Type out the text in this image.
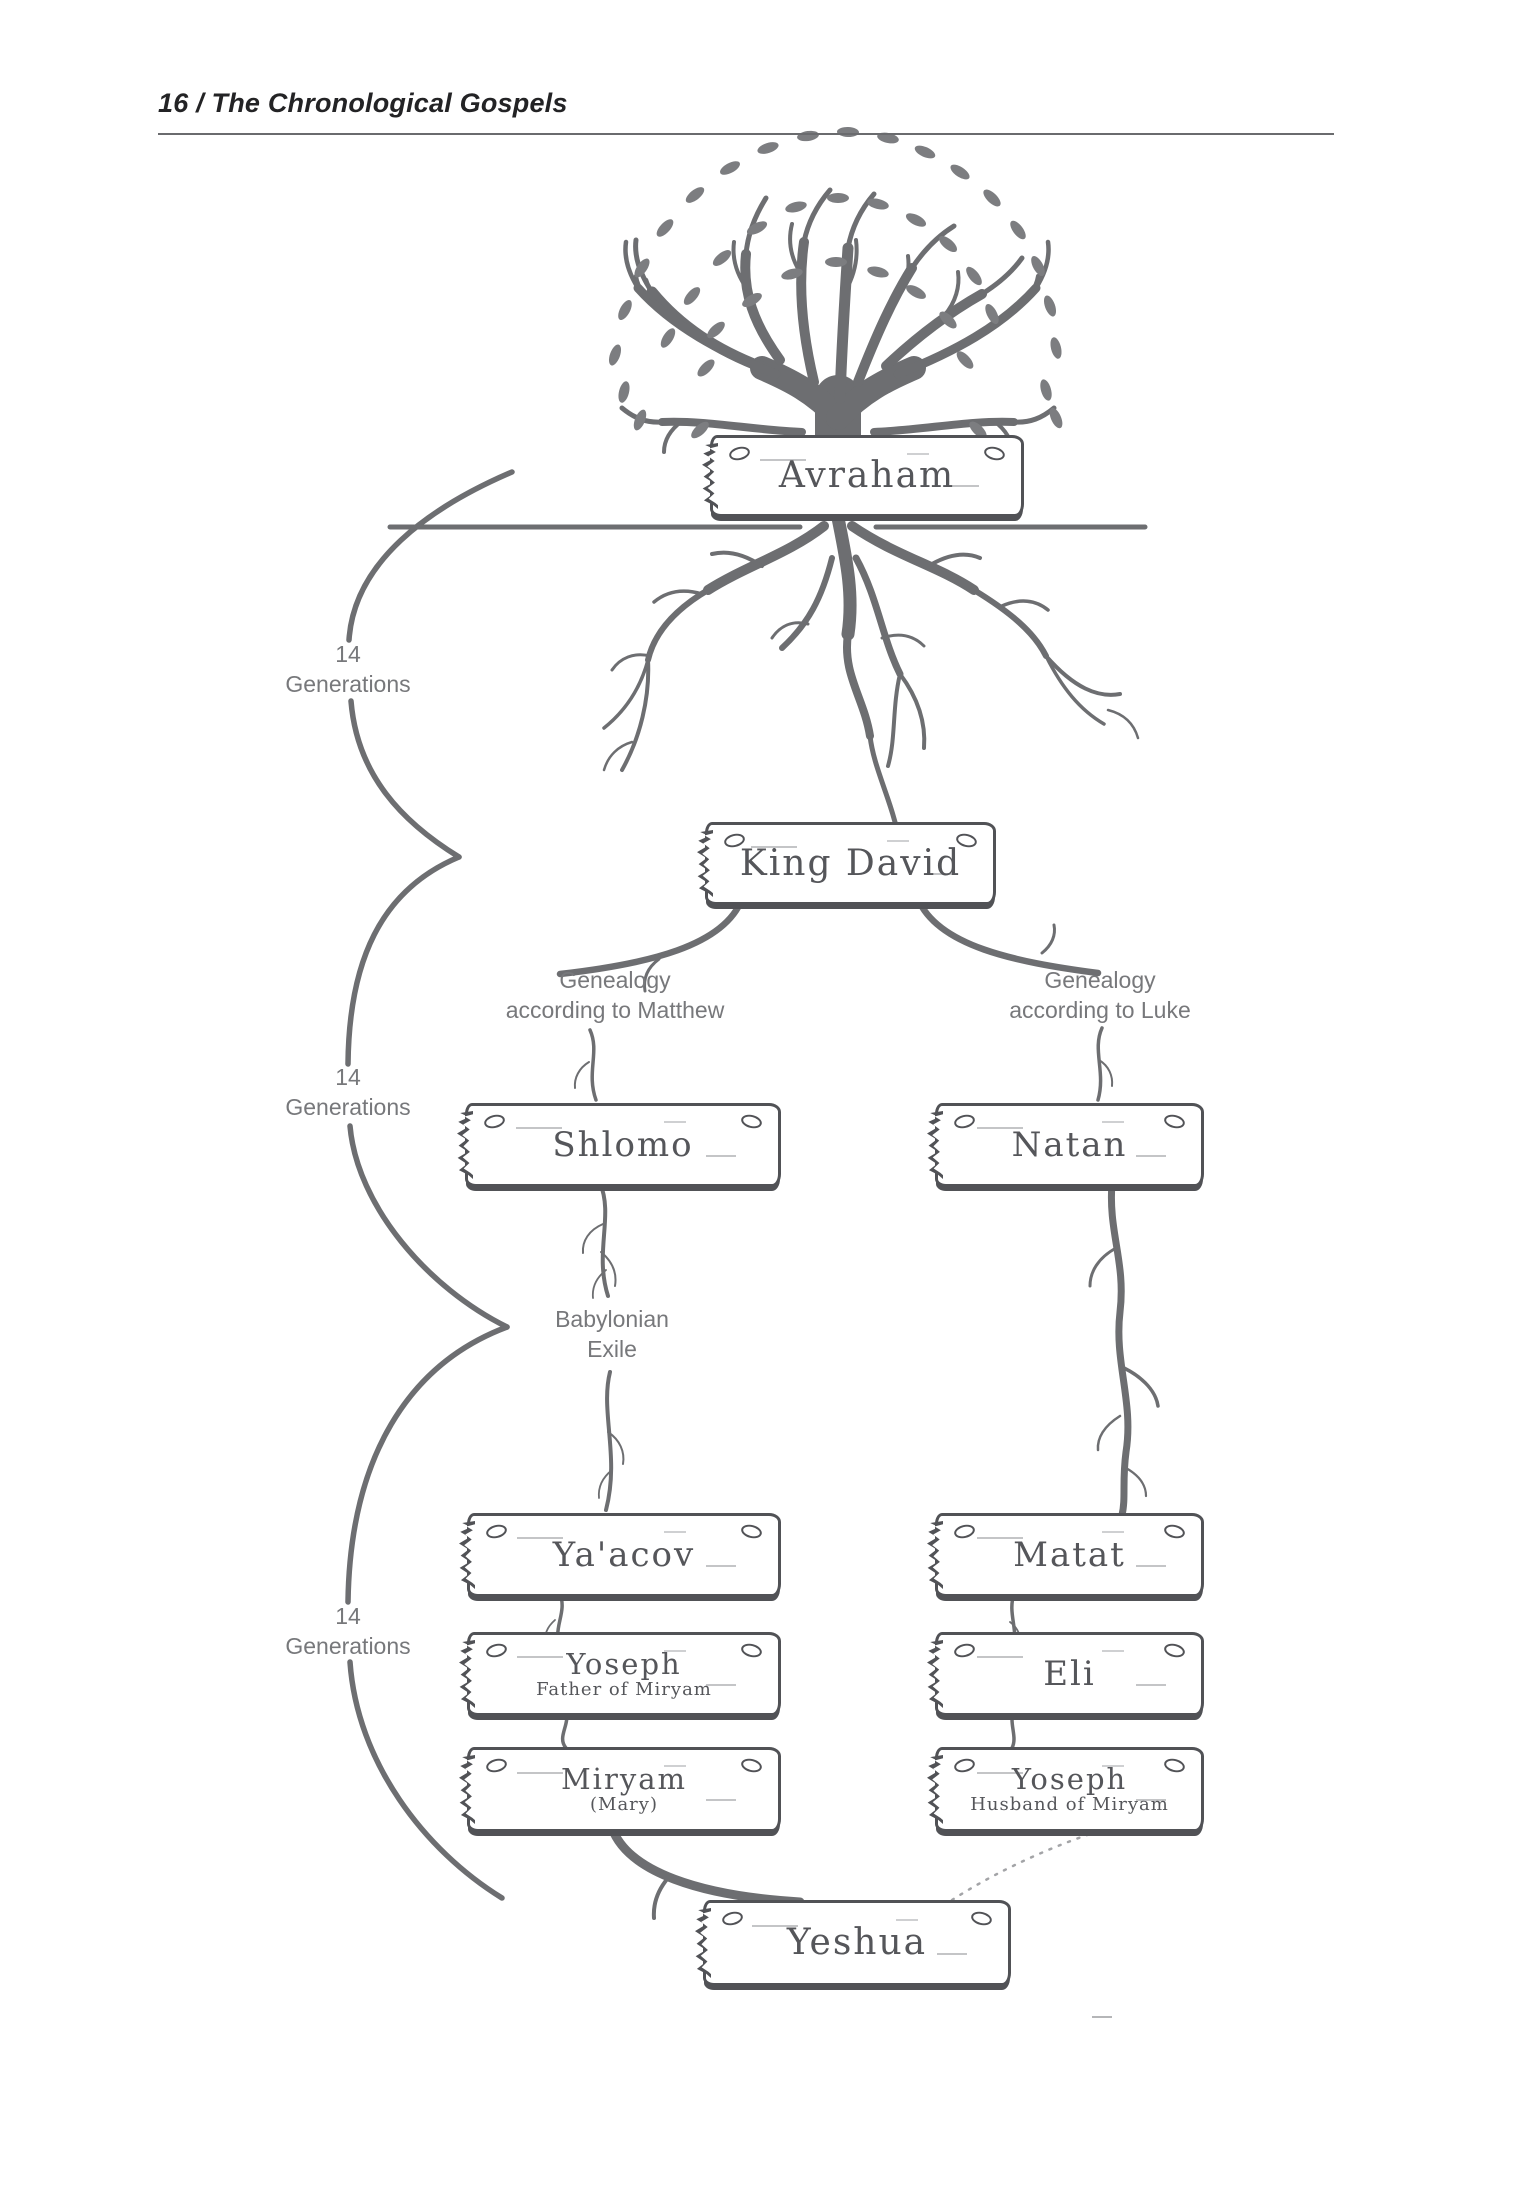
16 / The Chronological Gospels
Avraham
King David
Shlomo	Natan
Ya'acov	Matat
Yoseph
Father of Miryam	Eli
Miryam
(Mary)
Yoseph
Husband of Miryam
Yeshua
Genealogy
according to Matthew
Genealogy
according to Luke
Babylonian
Exile
14
Generations
14
Generations
14
Generations
